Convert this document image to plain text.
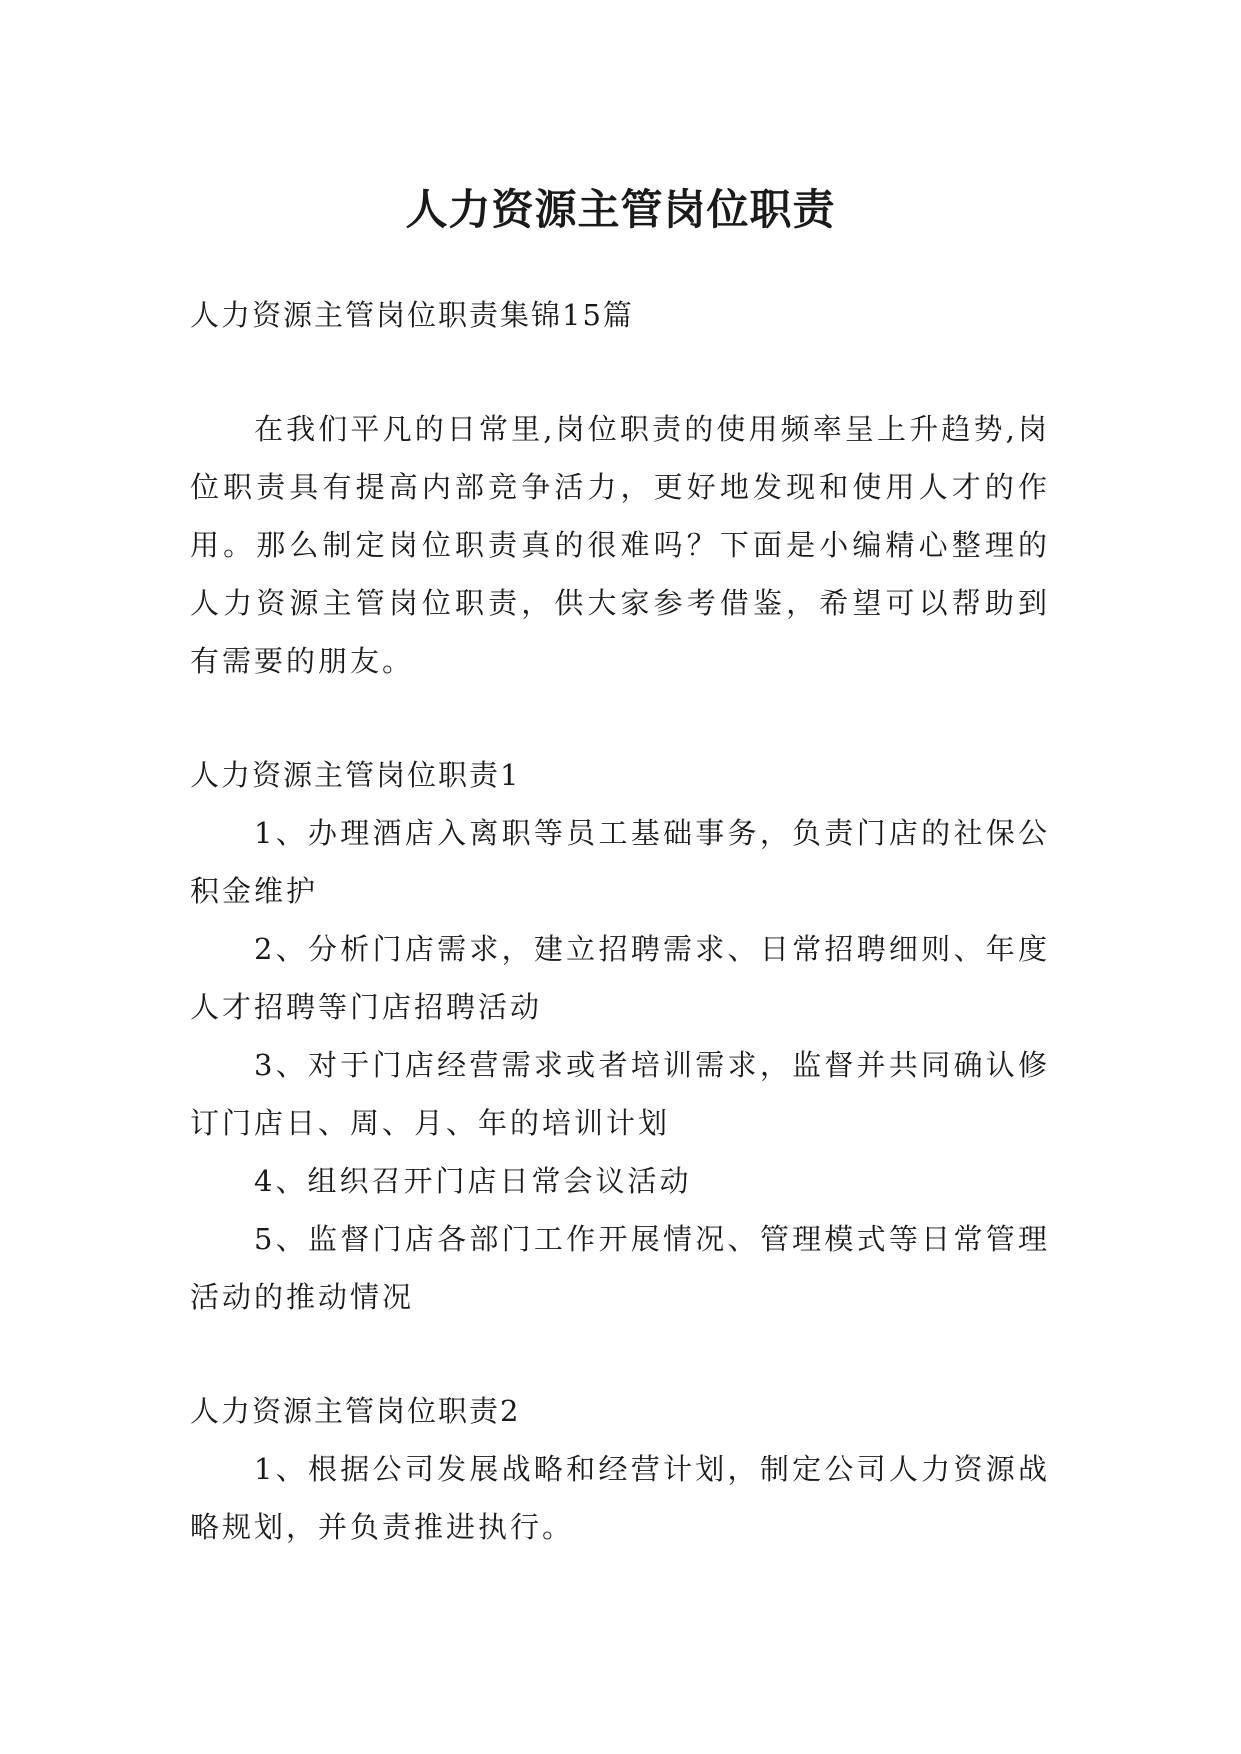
人力资源主管岗位职责

人力资源主管岗位职责集锦15篇

在我们平凡的日常里,岗位职责的使用频率呈上升趋势,岗位职责具有提高内部竞争活力，更好地发现和使用人才的作用。那么制定岗位职责真的很难吗？下面是小编精心整理的人力资源主管岗位职责，供大家参考借鉴，希望可以帮助到有需要的朋友。

人力资源主管岗位职责1

1、办理酒店入离职等员工基础事务，负责门店的社保公积金维护

2、分析门店需求，建立招聘需求、日常招聘细则、年度人才招聘等门店招聘活动

3、对于门店经营需求或者培训需求，监督并共同确认修订门店日、周、月、年的培训计划

4、组织召开门店日常会议活动

5、监督门店各部门工作开展情况、管理模式等日常管理活动的推动情况

人力资源主管岗位职责2

1、根据公司发展战略和经营计划，制定公司人力资源战略规划，并负责推进执行。
